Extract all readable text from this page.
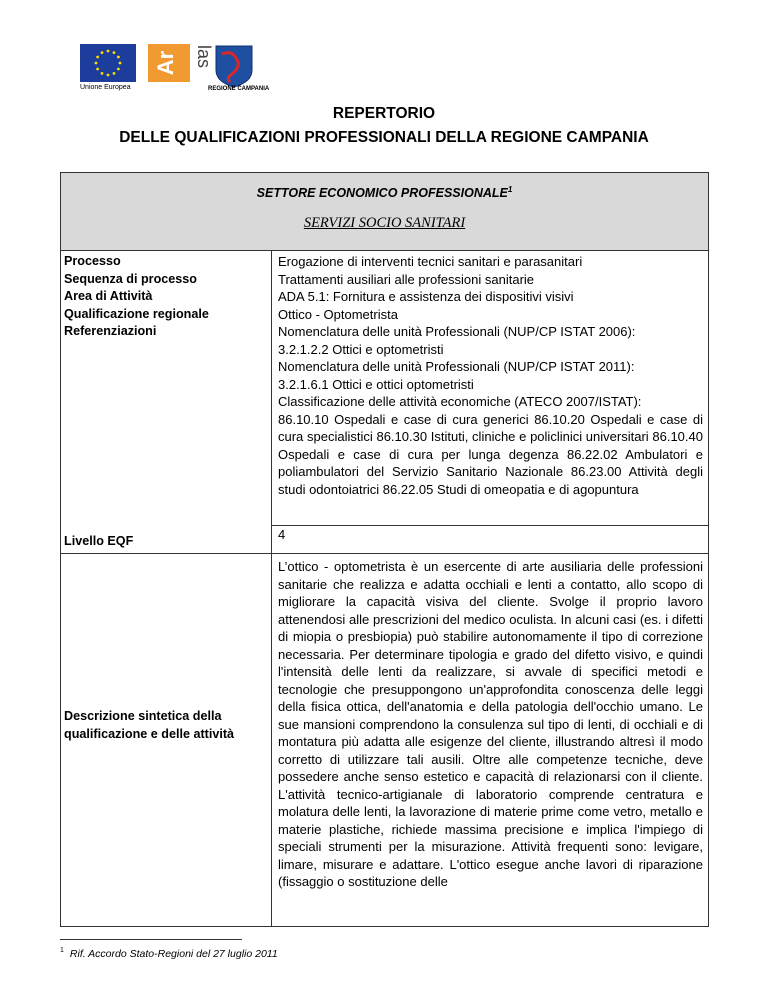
Unione Europea
Ar las
REGIONE CAMPANIA
REPERTORIO
DELLE QUALIFICAZIONI PROFESSIONALI DELLA REGIONE CAMPANIA
SETTORE ECONOMICO PROFESSIONALE$^1$
SERVIZI SOCIO SANITARI
Processo
Sequenza di processo
Area di Attività
Qualificazione regionale
Referenziazioni
Erogazione di interventi tecnici sanitari e parasanitari
Trattamenti ausiliari alle professioni sanitarie
ADA 5.1: Fornitura e assistenza dei dispositivi visivi
Ottico - Optometrista
Nomenclatura delle unità Professionali (NUP/CP ISTAT 2006):
3.2.1.2.2 Ottici e optometristi
Nomenclatura delle unità Professionali (NUP/CP ISTAT 2011):
3.2.1.6.1 Ottici e ottici optometristi
Classificazione delle attività economiche (ATECO 2007/ISTAT):
86.10.10 Ospedali e case di cura generici 86.10.20 Ospedali e case di cura specialistici 86.10.30 Istituti, cliniche e policlinici universitari 86.10.40 Ospedali e case di cura per lunga degenza 86.22.02 Ambulatori e poliambulatori del Servizio Sanitario Nazionale 86.23.00 Attività degli studi odontoiatrici 86.22.05 Studi di omeopatia e di agopuntura
4
Livello EQF
Descrizione sintetica della
qualificazione e delle attività
L’ottico - optometrista è un esercente di arte ausiliaria delle professioni sanitarie che realizza e adatta occhiali e lenti a contatto, allo scopo di migliorare la capacità visiva del cliente. Svolge il proprio lavoro attenendosi alle prescrizioni del medico oculista. In alcuni casi (es. i difetti di miopia o presbiopia) può stabilire autonomamente il tipo di correzione necessaria. Per determinare tipologia e grado del difetto visivo, e quindi l'intensità delle lenti da realizzare, si avvale di specifici metodi e tecnologie che presuppongono un'approfondita conoscenza delle leggi della fisica ottica, dell'anatomia e della patologia dell'occhio umano. Le sue mansioni comprendono la consulenza sul tipo di lenti, di occhiali e di montatura più adatta alle esigenze del cliente, illustrando altresì il modo corretto di utilizzare tali ausili. Oltre alle competenze tecniche, deve possedere anche senso estetico e capacità di relazionarsi con il cliente. L'attività tecnico-artigianale di laboratorio comprende centratura e molatura delle lenti, la lavorazione di materie prime come vetro, metallo e materie plastiche, richiede massima precisione e implica l'impiego di speciali strumenti per la misurazione. Attività frequenti sono: levigare, limare, misurare e adattare. L'ottico esegue anche lavori di riparazione (fissaggio o sostituzione delle
$^1$ Rif. Accordo Stato-Regioni del 27 luglio 2011
